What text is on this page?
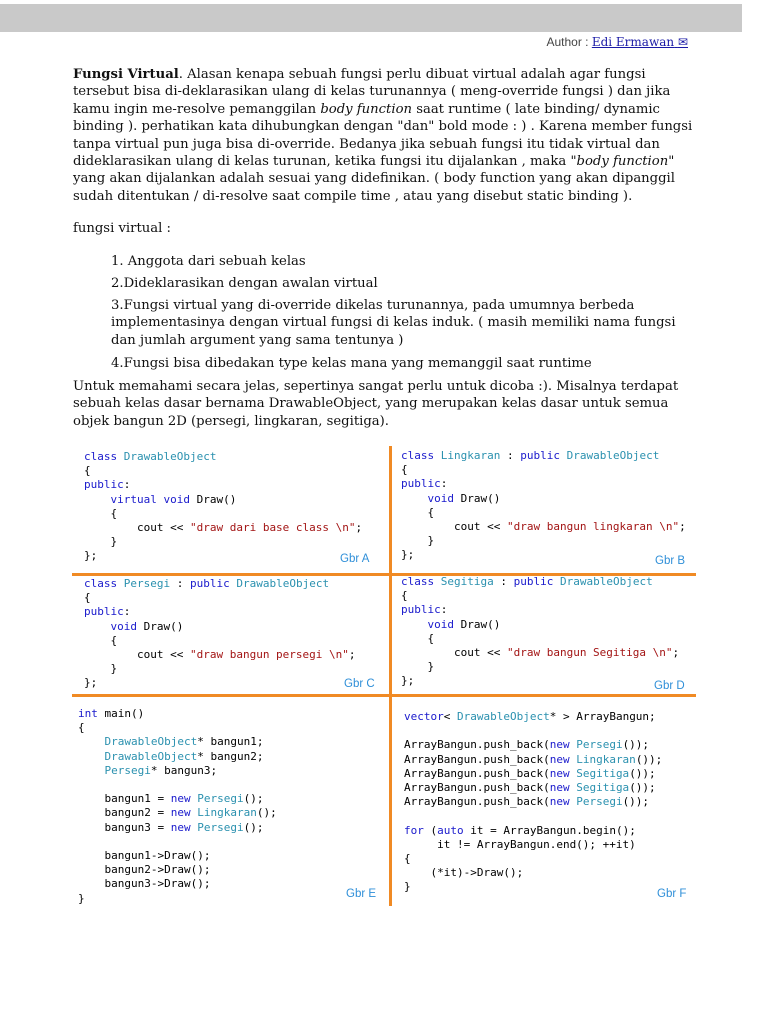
Author : Edi Ermawan ✉
Fungsi Virtual. Alasan kenapa sebuah fungsi perlu dibuat virtual adalah agar fungsi tersebut bisa di-deklarasikan ulang di kelas turunannya ( meng-override fungsi ) dan jika kamu ingin me-resolve pemanggilan body function saat runtime ( late binding/ dynamic binding ). perhatikan kata dihubungkan dengan "dan" bold mode : ) . Karena member fungsi tanpa virtual pun juga bisa di-override. Bedanya jika sebuah fungsi itu tidak virtual dan dideklarasikan ulang di kelas turunan, ketika fungsi itu dijalankan , maka "body function" yang akan dijalankan adalah sesuai yang didefinikan. ( body function yang akan dipanggil sudah ditentukan / di-resolve saat compile time , atau yang disebut static binding ).
fungsi virtual :
1. Anggota dari sebuah kelas
2.Dideklarasikan dengan awalan virtual
3.Fungsi virtual yang di-override dikelas turunannya, pada umumnya berbeda implementasinya dengan virtual fungsi di kelas induk. ( masih memiliki nama fungsi dan jumlah argument yang sama tentunya )
4.Fungsi bisa dibedakan type kelas mana yang memanggil saat runtime
Untuk memahami secara jelas, sepertinya sangat perlu untuk dicoba :). Misalnya terdapat sebuah kelas dasar bernama DrawableObject, yang merupakan kelas dasar untuk semua objek bangun 2D (persegi, lingkaran, segitiga).
class DrawableObject
{
public:
virtual void Draw()
{
cout << "draw dari base class \n";
}
};	Gbr A
class Lingkaran : public DrawableObject
{
public:
void Draw()
{
cout << "draw bangun lingkaran \n";
}
};	Gbr B
class Persegi : public DrawableObject
{
public:
void Draw()
{
cout << "draw bangun persegi \n";
}
};	Gbr C
class Segitiga : public DrawableObject
{
public:
void Draw()
{
cout << "draw bangun Segitiga \n";
}
};	Gbr D
int main()
{
DrawableObject* bangun1;
DrawableObject* bangun2;
Persegi* bangun3;

bangun1 = new Persegi();
bangun2 = new Lingkaran();
bangun3 = new Persegi();

bangun1->Draw();
bangun2->Draw();
bangun3->Draw();
}	Gbr E
vector< DrawableObject* > ArrayBangun;

ArrayBangun.push_back(new Persegi());
ArrayBangun.push_back(new Lingkaran());
ArrayBangun.push_back(new Segitiga());
ArrayBangun.push_back(new Segitiga());
ArrayBangun.push_back(new Persegi());

for (auto it = ArrayBangun.begin();
it != ArrayBangun.end(); ++it)
{
(*it)->Draw();
}
Gbr F
